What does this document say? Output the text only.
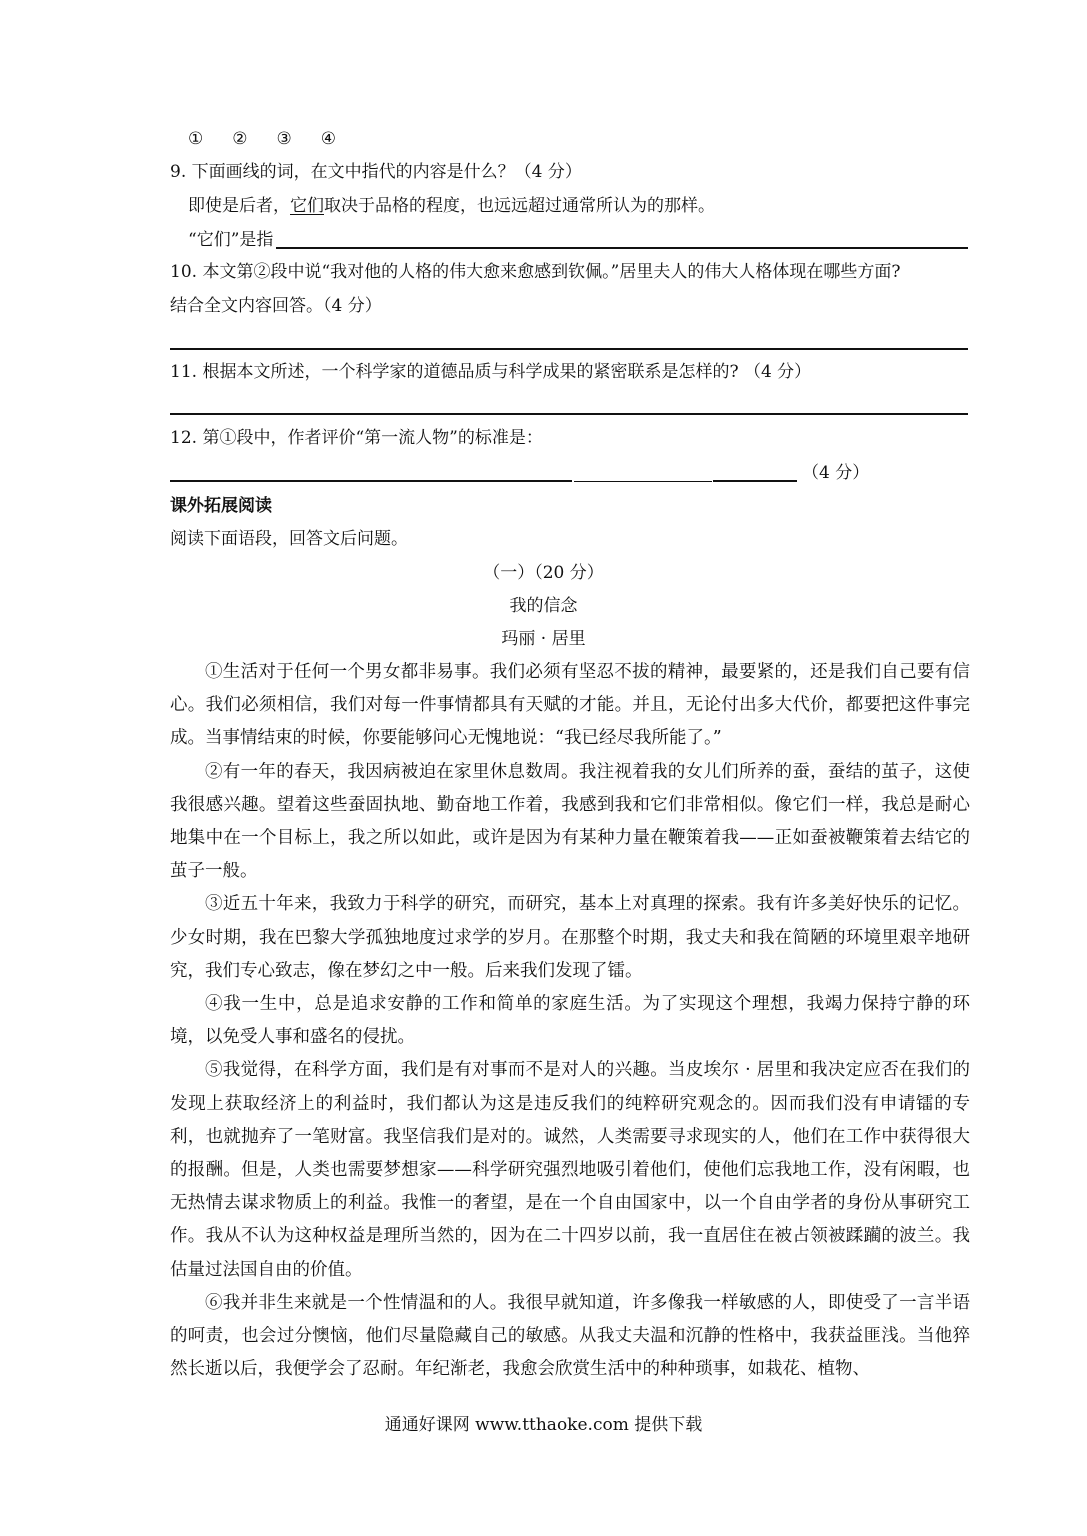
①　②　③　④
9. 下面画线的词，在文中指代的内容是什么？（4 分）
即使是后者，它们取决于品格的程度，也远远超过通常所认为的那样。
“它们”是指
10. 本文第②段中说“我对他的人格的伟大愈来愈感到钦佩。”居里夫人的伟大人格体现在哪些方面?
结合全文内容回答。（4 分）
11. 根据本文所述，一个科学家的道德品质与科学成果的紧密联系是怎样的? （4 分）
12. 第①段中，作者评价“第一流人物”的标准是：
（4 分）
课外拓展阅读
阅读下面语段，回答文后问题。
（一）（20 分）
我的信念
玛丽 · 居里

①生活对于任何一个男女都非易事。我们必须有坚忍不拔的精神，最要紧的，还是我们自己要有信心。我们必须相信，我们对每一件事情都具有天赋的才能。并且，无论付出多大代价，都要把这件事完成。当事情结束的时候，你要能够问心无愧地说：“我已经尽我所能了。”

②有一年的春天，我因病被迫在家里休息数周。我注视着我的女儿们所养的蚕，蚕结的茧子，这使我很感兴趣。望着这些蚕固执地、勤奋地工作着，我感到我和它们非常相似。像它们一样，我总是耐心地集中在一个目标上，我之所以如此，或许是因为有某种力量在鞭策着我——正如蚕被鞭策着去结它的茧子一般。

③近五十年来，我致力于科学的研究，而研究，基本上对真理的探索。我有许多美好快乐的记忆。少女时期，我在巴黎大学孤独地度过求学的岁月。在那整个时期，我丈夫和我在简陋的环境里艰辛地研究，我们专心致志，像在梦幻之中一般。后来我们发现了镭。

④我一生中，总是追求安静的工作和简单的家庭生活。为了实现这个理想，我竭力保持宁静的环境，以免受人事和盛名的侵扰。

⑤我觉得，在科学方面，我们是有对事而不是对人的兴趣。当皮埃尔 · 居里和我决定应否在我们的发现上获取经济上的利益时，我们都认为这是违反我们的纯粹研究观念的。因而我们没有申请镭的专利，也就抛弃了一笔财富。我坚信我们是对的。诚然，人类需要寻求现实的人，他们在工作中获得很大的报酬。但是，人类也需要梦想家——科学研究强烈地吸引着他们，使他们忘我地工作，没有闲暇，也无热情去谋求物质上的利益。我惟一的奢望，是在一个自由国家中，以一个自由学者的身份从事研究工作。我从不认为这种权益是理所当然的，因为在二十四岁以前，我一直居住在被占领被蹂躏的波兰。我估量过法国自由的价值。

⑥我并非生来就是一个性情温和的人。我很早就知道，许多像我一样敏感的人，即使受了一言半语的呵责，也会过分懊恼，他们尽量隐藏自己的敏感。从我丈夫温和沉静的性格中，我获益匪浅。当他猝然长逝以后，我便学会了忍耐。年纪渐老，我愈会欣赏生活中的种种琐事，如栽花、植物、

通通好课网 www.tthaoke.com 提供下载
